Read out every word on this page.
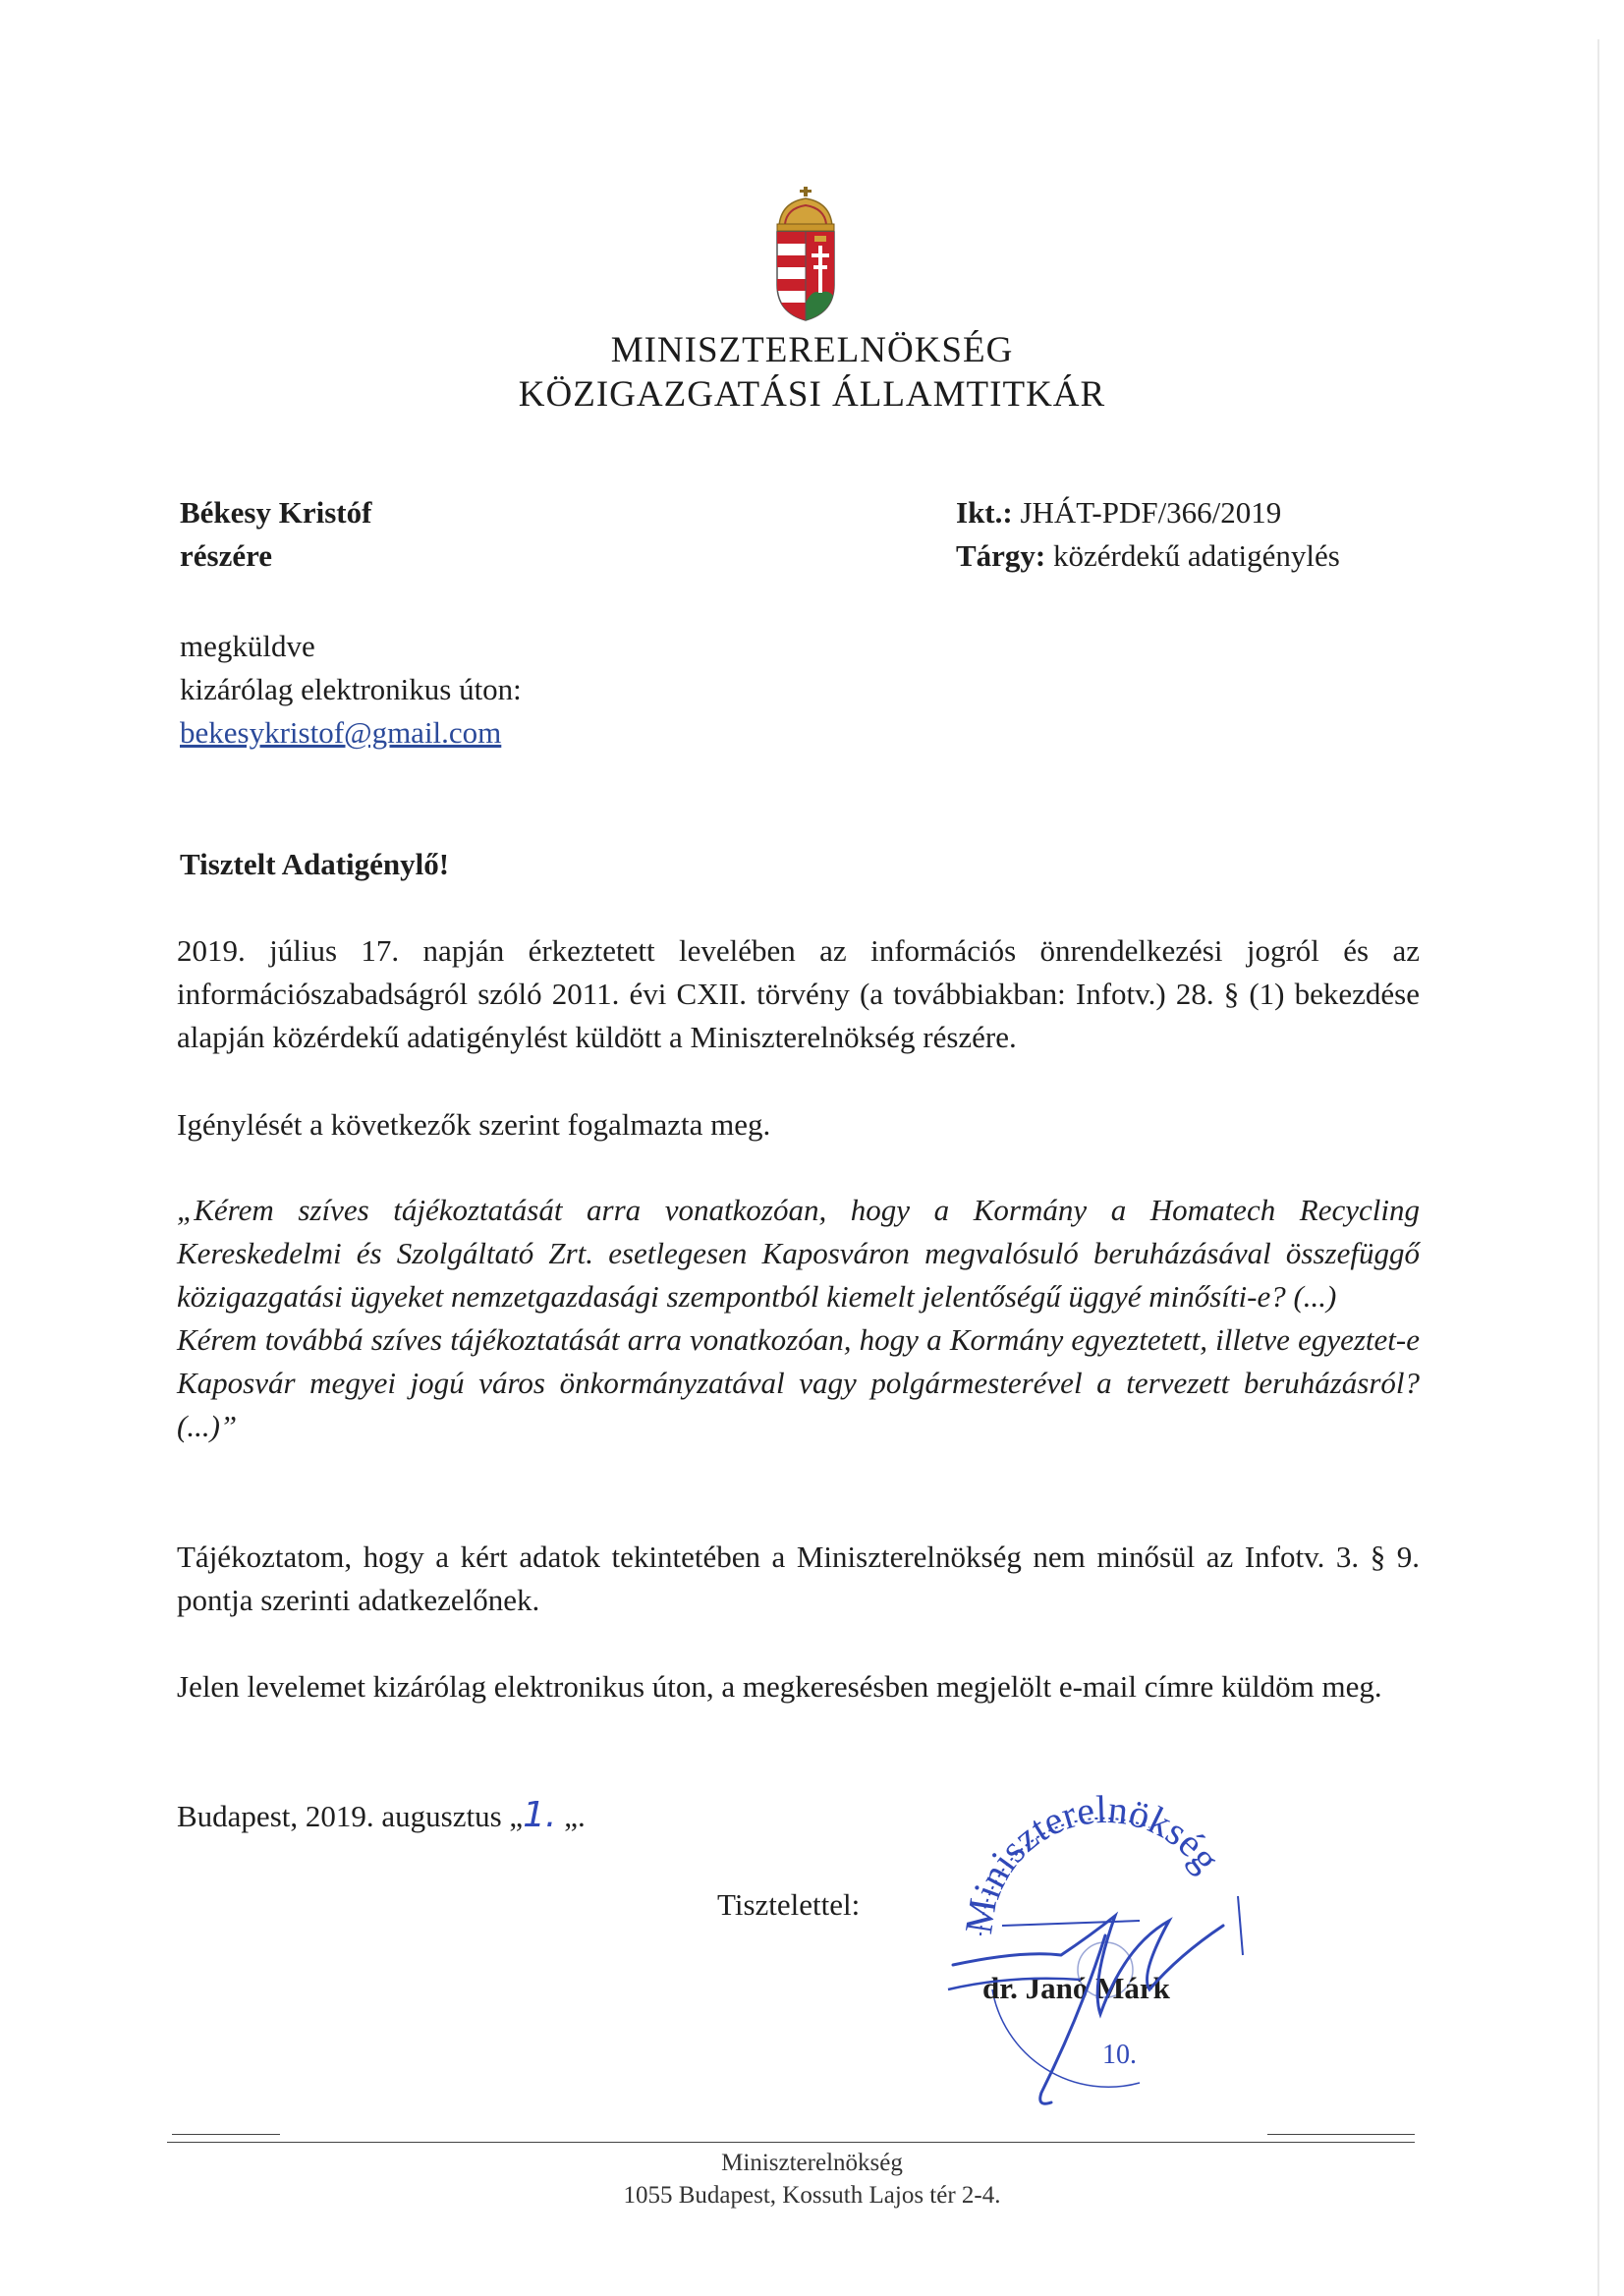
MINISZTERELNÖKSÉG
KÖZIGAZGATÁSI ÁLLAMTITKÁR
Békesy Kristóf
részére
Ikt.: JHÁT-PDF/366/2019
Tárgy: közérdekű adatigénylés
megküldve
kizárólag elektronikus úton:
bekesykristof@gmail.com
Tisztelt Adatigénylő!
2019. július 17. napján érkeztetett levelében az információs önrendelkezési jogról és az információszabadságról szóló 2011. évi CXII. törvény (a továbbiakban: Infotv.) 28. § (1) bekezdése alapján közérdekű adatigénylést küldött a Miniszterelnökség részére.
Igénylését a következők szerint fogalmazta meg.
„Kérem szíves tájékoztatását arra vonatkozóan, hogy a Kormány a Homatech Recycling Kereskedelmi és Szolgáltató Zrt. esetlegesen Kaposváron megvalósuló beruházásával összefüggő közigazgatási ügyeket nemzetgazdasági szempontból kiemelt jelentőségű üggyé minősíti-e? (...)
Kérem továbbá szíves tájékoztatását arra vonatkozóan, hogy a Kormány egyeztetett, illetve egyeztet-e Kaposvár megyei jogú város önkormányzatával vagy polgármesterével a tervezett beruházásról? (...)”
Tájékoztatom, hogy a kért adatok tekintetében a Miniszterelnökség nem minősül az Infotv. 3. § 9. pontja szerinti adatkezelőnek.
Jelen levelemet kizárólag elektronikus úton, a megkeresésben megjelölt e-mail címre küldöm meg.
Budapest, 2019. augusztus „1. „.
Tisztelettel: Miniszterelnökség
10.
dr. Janó Márk
Miniszterelnökség
1055 Budapest, Kossuth Lajos tér 2-4.
